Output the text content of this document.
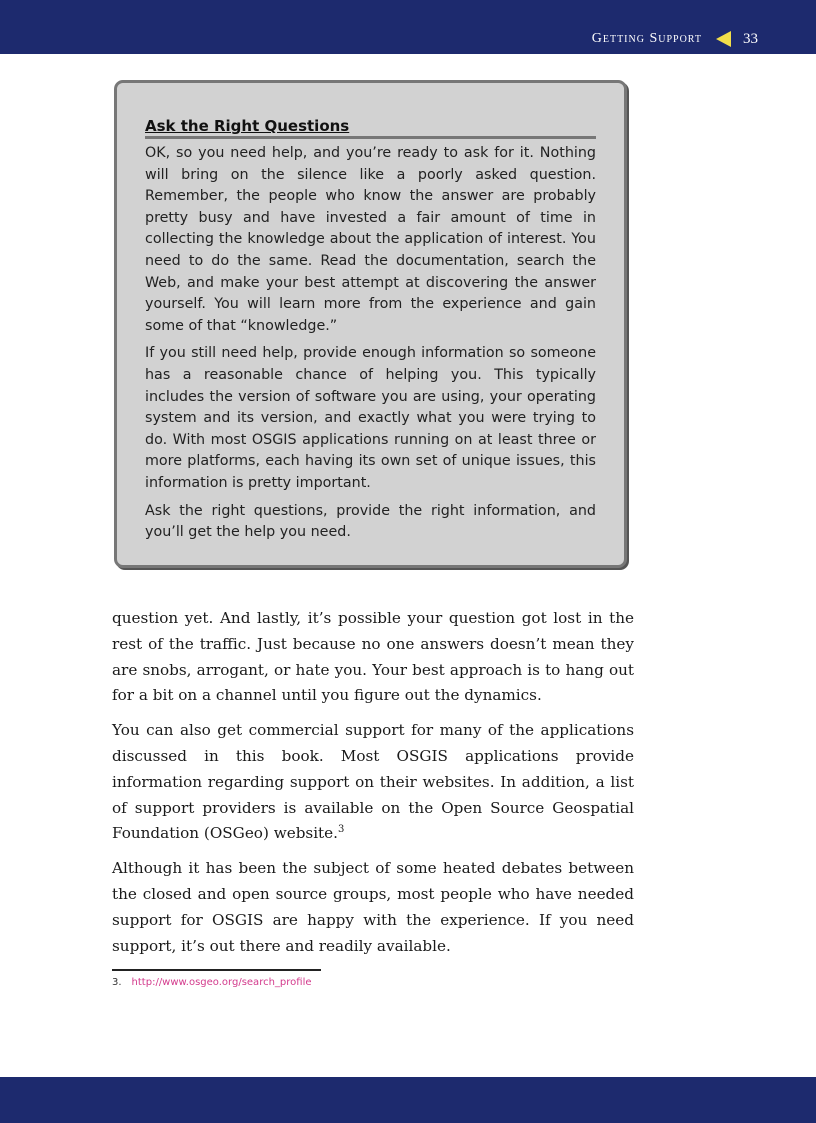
Getting Support	33
Ask the Right Questions

OK, so you need help, and you’re ready to ask for it. Nothing will bring on the silence like a poorly asked question. Remember, the people who know the answer are probably pretty busy and have invested a fair amount of time in collecting the knowledge about the application of interest. You need to do the same. Read the documentation, search the Web, and make your best attempt at discovering the answer yourself. You will learn more from the experience and gain some of that “knowledge.”

If you still need help, provide enough information so someone has a reasonable chance of helping you. This typically includes the version of software you are using, your operating system and its version, and exactly what you were trying to do. With most OSGIS applications running on at least three or more platforms, each having its own set of unique issues, this information is pretty important.

Ask the right questions, provide the right information, and you’ll get the help you need.

question yet. And lastly, it’s possible your question got lost in the rest of the traffic. Just because no one answers doesn’t mean they are snobs, arrogant, or hate you. Your best approach is to hang out for a bit on a channel until you figure out the dynamics.

You can also get commercial support for many of the applications discussed in this book. Most OSGIS applications provide information regarding support on their websites. In addition, a list of support providers is available on the Open Source Geospatial Foundation (OSGeo) website.$^3$

Although it has been the subject of some heated debates between the closed and open source groups, most people who have needed support for OSGIS are happy with the experience. If you need support, it’s out there and readily available.

3. http://www.osgeo.org/search_profile
